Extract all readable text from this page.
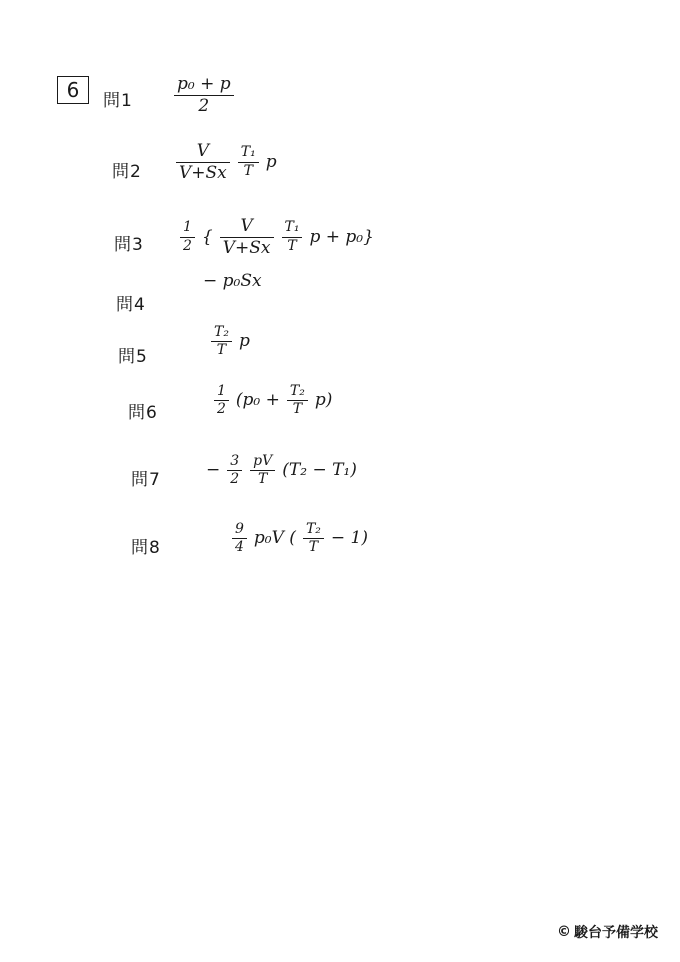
6 問$1 \frac{\text{p₀ + p}}{2}$
問$2 \frac{V}{V+Sx} \frac{\text{T₁}}{T}$ p
問3	$\frac{1}{2}$ { $\frac{V}{V+Sx} \frac{\text{T₁}}{T}$ p + p₀}
問4
− p₀Sx
問5	$\frac{\text{T₂}}{T}$ p
問6	$\frac{1}{2} (p_0 + \frac{\text{T₂}}{T} p)$
問7	− $\frac{3}{2} \frac{pV}{T} (T_2 - T_1)$
問8	$\frac{9}{4} p_0V$ ( $\frac{\text{T₂}}{T} - 1$)
© 駿台予備学校
